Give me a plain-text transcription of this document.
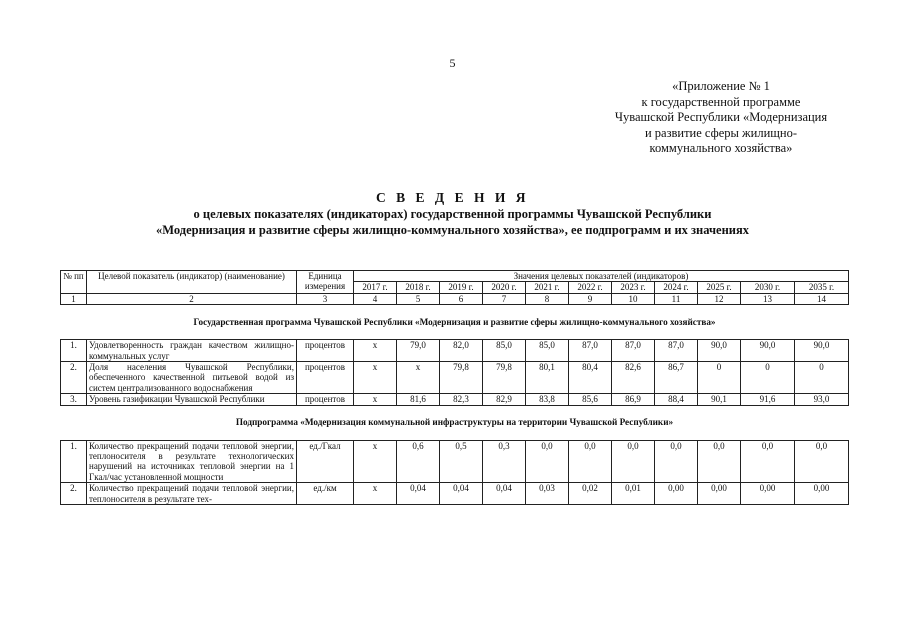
5
«Приложение № 1
к государственной программе
Чувашской Республики «Модернизация
и развитие сферы жилищно-
коммунального хозяйства»
С В Е Д Е Н И Я
о целевых показателях (индикаторах) государственной программы Чувашской Республики
«Модернизация и развитие сферы жилищно-коммунального хозяйства», ее подпрограмм и их значениях
№ пп	Целевой показатель (индикатор) (наименование)	Единица измерения	Значения целевых показателей (индикаторов)										
			2017 г.	2018 г.	2019 г.	2020 г.	2021 г.	2022 г.	2023 г.	2024 г.	2025 г.	2030 г.	2035 г.
1	2	3	4	5	6	7	8	9	10	11	12	13	14
Государственная программа Чувашской Республики «Модернизация и развитие сферы жилищно-коммунального хозяйства»													
1.	Удовлетворенность граждан качеством жилищно-коммунальных услуг	процентов	х	79,0	82,0	85,0	85,0	87,0	87,0	87,0	90,0	90,0	90,0
2.	Доля населения Чувашской Республики, обеспеченного качественной питьевой водой из систем централизованного водоснабжения	процентов	х	х	79,8	79,8	80,1	80,4	82,6	86,7	0	0	0
3.	Уровень газификации Чувашской Республики	процентов	х	81,6	82,3	82,9	83,8	85,6	86,9	88,4	90,1	91,6	93,0
Подпрограмма «Модернизация коммунальной инфраструктуры на территории Чувашской Республики»													
1.	Количество прекращений подачи тепловой энергии, теплоносителя в результате технологических нарушений на источниках тепловой энергии на 1 Гкал/час установленной мощности	ед./Гкал	х	0,6	0,5	0,3	0,0	0,0	0,0	0,0	0,0	0,0	0,0
2.	Количество прекращений подачи тепловой энергии, теплоносителя в результате тех-	ед./км	х	0,04	0,04	0,04	0,03	0,02	0,01	0,00	0,00	0,00	0,00
